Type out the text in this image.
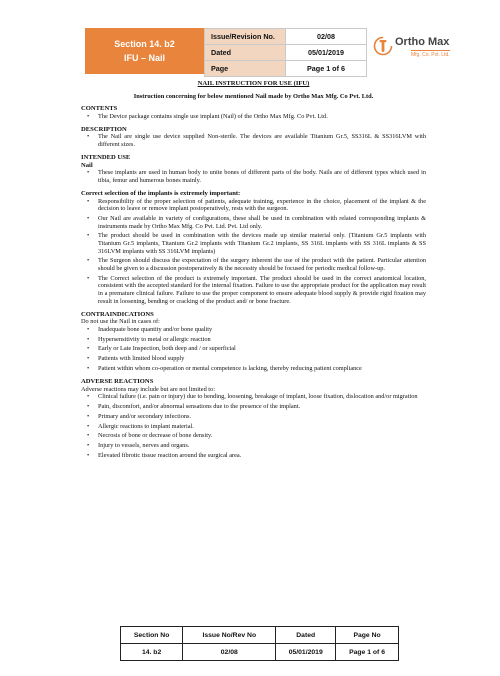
Section 14. b2
IFU – Nail
Issue/Revision No.	02/08
Dated	05/01/2019
Page	Page 1 of 6
Ortho Max
Mfg. Co. Pvt. Ltd.

NAIL INSTRUCTION FOR USE (IFU)

Instruction concerning for below mentioned Nail made by Ortho Max Mfg. Co Pvt. Ltd.

CONTENTS
• The Device package contains single use implant (Nail) of the Ortho Max Mfg. Co Pvt. Ltd.
DESCRIPTION
• The Nail are single use device supplied Non-sterile. The devices are available Titanium Gr.5, SS316L & SS316LVM with different sizes.
INTENDED USE
Nail
• These implants are used in human body to unite bones of different parts of the body. Nails are of different types which used in tibia, femur and humerous bones mainly.
Correct selection of the implants is extremely important:
• Responsibility of the proper selection of patients, adequate training, experience in the choice, placement of the implant & the decision to leave or remove implant postoperatively, rests with the surgeon.
• Our Nail are available in variety of configurations, these shall be used in combination with related corresponding implants & instruments made by Ortho Max Mfg. Co Pvt. Ltd. Pvt. Ltd only.
• The product should be used in combination with the devices made up similar material only. (Titanium Gr.5 implants with Titanium Gr.5 implants, Titanium Gr.2 implants with Titanium Gr.2 implants, SS 316L implants with SS 316L implants & SS 316LVM implants with SS 316LVM implants)
• The Surgeon should discuss the expectation of the surgery inherent the use of the product with the patient. Particular attention should be given to a discussion postoperatively & the necessity should be focused for periodic medical follow-up.
• The Correct selection of the product is extremely important. The product should be used in the correct anatomical location, consistent with the accepted standard for the internal fixation. Failure to use the appropriate product for the application may result in a premature clinical failure. Failure to use the proper component to ensure adequate blood supply & provide rigid fixation may result in loosening, bending or cracking of the product and/ or bone fracture.
CONTRAINDICATIONS

Do not use the Nail in cases of:

• Inadequate bone quantity and/or bone quality
• Hypersensitivity to metal or allergic reaction
• Early or Late Inspection, both deep and / or superficial
• Patients with limited blood supply
• Patient within whom co-operation or mental competence is lacking, thereby reducing patient compliance
ADVERSE REACTIONS

Adverse reactions may include but are not limited to:

• Clinical failure (i.e. pain or injury) due to bending, loosening, breakage of implant, loose fixation, dislocation and/or migration
• Pain, discomfort, and/or abnormal sensations due to the presence of the implant.
• Primary and/or secondary infections.
• Allergic reactions to implant material.
• Necrosis of bone or decrease of bone density.
• Injury to vessels, nerves and organs.
• Elevated fibrotic tissue reaction around the surgical area.
Section No	Issue No/Rev No	Dated	Page No
14. b2	02/08	05/01/2019	Page 1 of 6
